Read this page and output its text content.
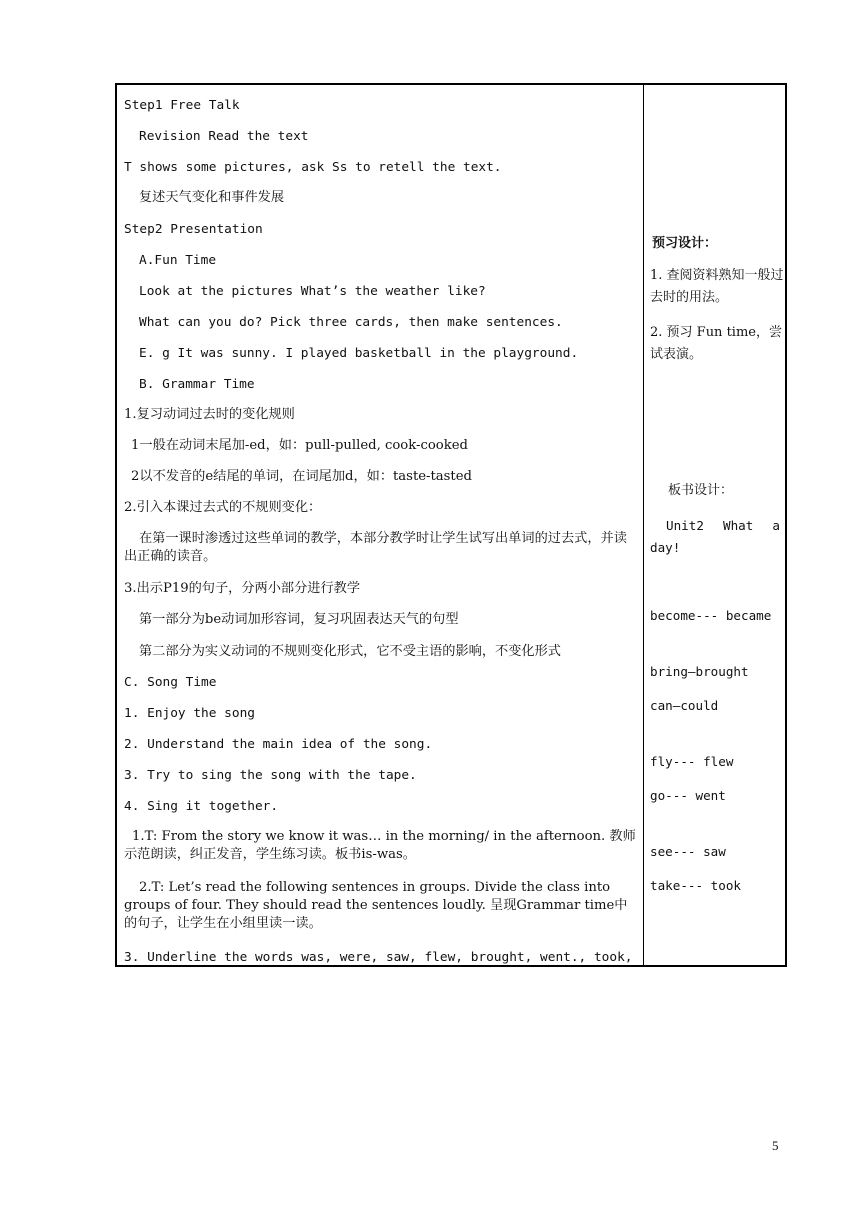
Step1 Free Talk
Revision Read the text
T shows some pictures, ask Ss to retell the text.
复述天气变化和事件发展
Step2 Presentation
A.Fun Time
Look at the pictures What’s the weather like?
What can you do? Pick three cards, then make sentences.
E. g It was sunny. I played basketball in the playground.
B. Grammar Time
1.复习动词过去时的变化规则
1一般在动词末尾加-ed，如：pull-pulled, cook-cooked
2以不发音的e结尾的单词，在词尾加d，如：taste-tasted
2.引入本课过去式的不规则变化：
在第一课时渗透过这些单词的教学，本部分教学时让学生试写出单词的过去式，并读出正确的读音。
3.出示P19的句子，分两小部分进行教学
第一部分为be动词加形容词，复习巩固表达天气的句型
第二部分为实义动词的不规则变化形式，它不受主语的影响，不变化形式
C. Song Time
1. Enjoy the song
2. Understand the main idea of the song.
3. Try to sing the song with the tape.
4. Sing it together.
1.T: From the story we know it was… in the morning/ in the afternoon. 教师示范朗读，纠正发音，学生练习读。板书is-was。
2.T: Let’s read the following sentences in groups. Divide the class into groups of four. They should read the sentences loudly. 呈现Grammar time中的句子，让学生在小组里读一读。
3. Underline the words was, were, saw, flew, brought, went., took,
预习设计：
1. 查阅资料熟知一般过去时的用法。
2. 预习 Fun time，尝试表演。
板书设计：
Unit2 What a day!
become--- became
bring—brought
can—could
fly--- flew
go--- went
see--- saw
take--- took
5
